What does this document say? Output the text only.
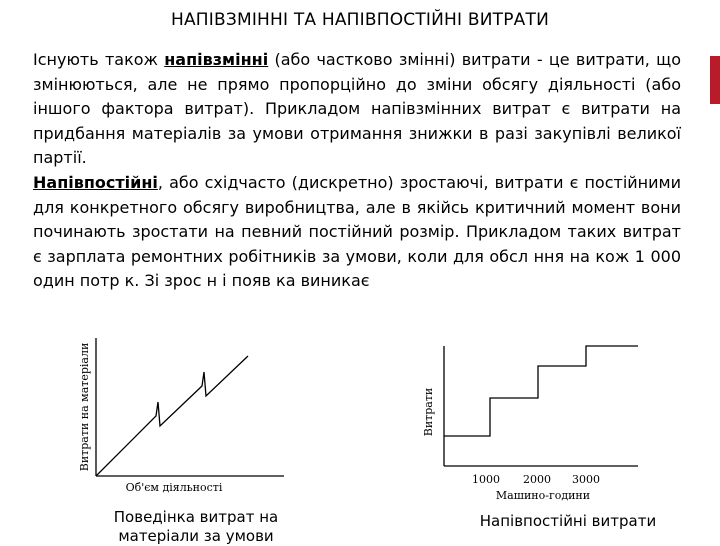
НАПІВЗМІННІ ТА НАПІВПОСТІЙНІ ВИТРАТИ

Існують також напівзмінні (або частково змінні) витрати - це витрати, що змінюються, але не прямо пропорційно до зміни обсягу діяльності (або іншого фактора витрат). Прикладом напівзмінних витрат є витрати на придбання матеріалів за умови отримання знижки в разі закупівлі великої партії.

Напівпостійні, або східчасто (дискретно) зростаючі, витрати є постійними для конкретного обсягу виробництва, але в якійсь критичний момент вони починають зростати на певний постійний розмір. Прикладом таких витрат є зарплата ремонтних робітників за умови, коли для обсл ння на кож 1 000 один потр к. Зі зрос н і появ ка виникає

Витрати на матеріали
Об'єм діяльності
Витрати
1000 2000 3000
Машино-години
Поведінка витрат на матеріали за умови
Напівпостійні витрати
